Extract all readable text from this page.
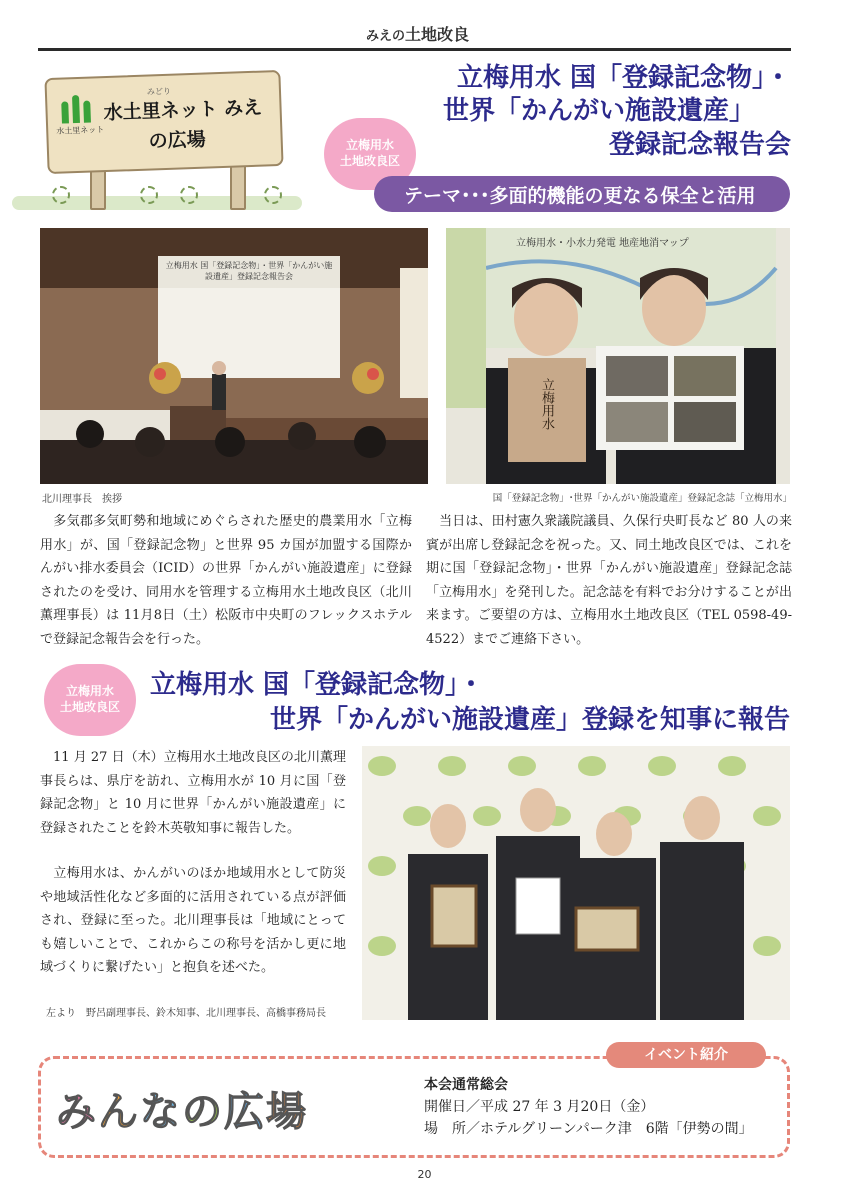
みえの土地改良
水土里ネット
みどり
水土里ネット みえ
の広場	立梅用水
土地改良区
立梅用水 国「登録記念物」・
世界「かんがい施設遺産」
登録記念報告会
テーマ･･･多面的機能の更なる保全と活用
立梅用水 国「登録記念物」・世界「かんがい施設遺産」登録記念報告会
北川理事長　挨拶
立梅用水・小水力発電 地産地消マップ
立梅用水
国「登録記念物」･世界「かんがい施設遺産」登録記念誌「立梅用水」
　多気郡多気町勢和地域にめぐらされた歴史的農業用水「立梅用水」が、国「登録記念物」と世界 95 カ国が加盟する国際かんがい排水委員会（ICID）の世界「かんがい施設遺産」に登録されたのを受け、同用水を管理する立梅用水土地改良区（北川薫理事長）は 11月8日（土）松阪市中央町のフレックスホテルで登録記念報告会を行った。
　当日は、田村憲久衆議院議員、久保行央町長など 80 人の来賓が出席し登録記念を祝った。又、同土地改良区では、これを期に国「登録記念物」・世界「かんがい施設遺産」登録記念誌「立梅用水」を発刊した。記念誌を有料でお分けすることが出来ます。ご要望の方は、立梅用水土地改良区（TEL 0598-49-4522）までご連絡下さい。
立梅用水
土地改良区
立梅用水 国「登録記念物」・
世界「かんがい施設遺産」登録を知事に報告
　11 月 27 日（木）立梅用水土地改良区の北川薫理事長らは、県庁を訪れ、立梅用水が 10 月に国「登録記念物」と 10 月に世界「かんがい施設遺産」に登録されたことを鈴木英敬知事に報告した。
　立梅用水は、かんがいのほか地域用水として防災や地域活性化など多面的に活用されている点が評価され、登録に至った。北川理事長は「地域にとっても嬉しいことで、これからこの称号を活かし更に地域づくりに繋げたい」と抱負を述べた。
左より　野呂副理事長、鈴木知事、北川理事長、高橋事務局長
イベント紹介
みんなの広場
本会通常総会
開催日／平成 27 年 3 月20日（金）
場　所／ホテルグリーンパーク津　6階「伊勢の間」
20
